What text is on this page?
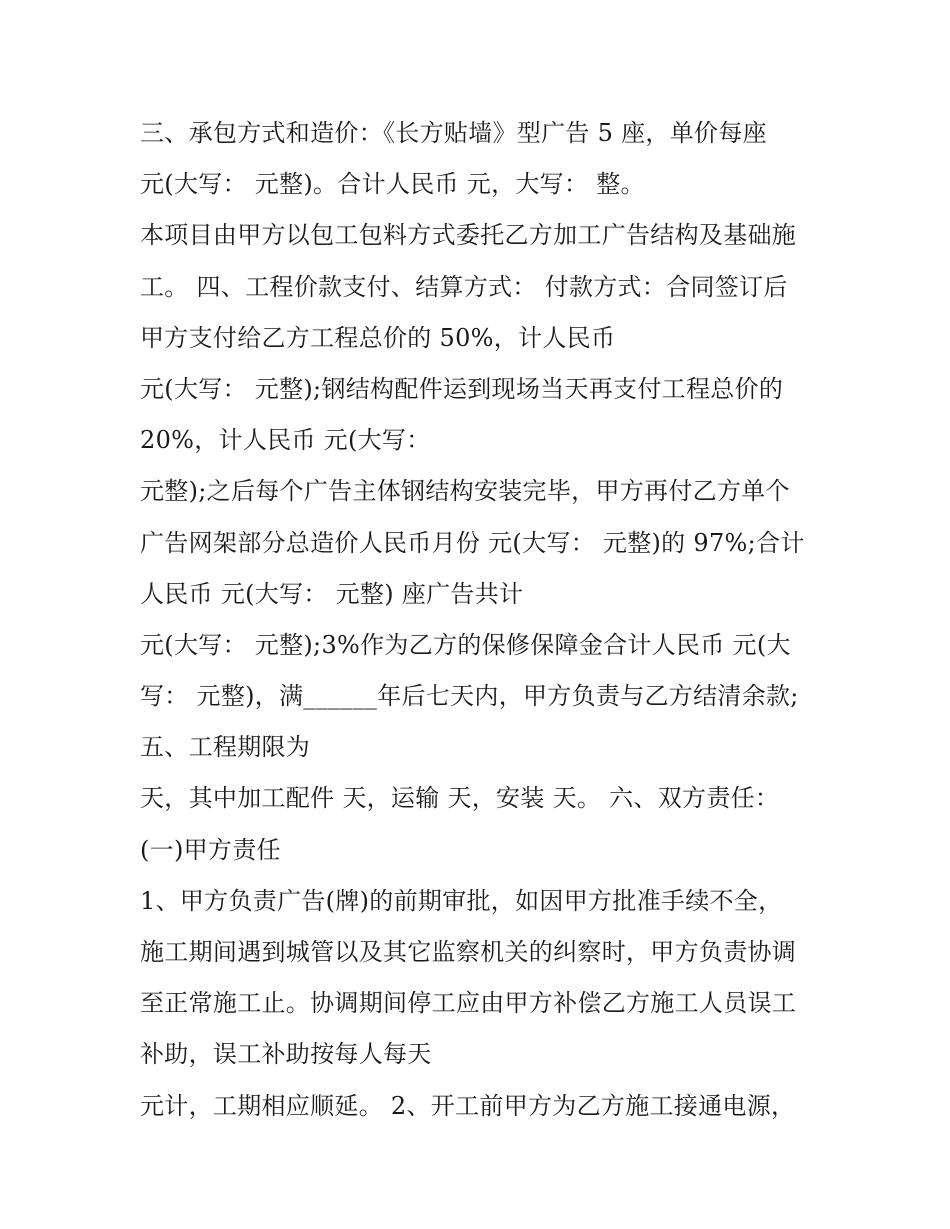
三、承包方式和造价：《长方贴墙》型广告 5 座，单价每座
元(大写： 元整)。合计人民币 元，大写： 整。
本项目由甲方以包工包料方式委托乙方加工广告结构及基础施
工。 四、工程价款支付、结算方式： 付款方式：合同签订后
甲方支付给乙方工程总价的 50%，计人民币
元(大写： 元整);钢结构配件运到现场当天再支付工程总价的
20%，计人民币 元(大写：
元整);之后每个广告主体钢结构安装完毕，甲方再付乙方单个
广告网架部分总造价人民币月份 元(大写： 元整)的 97%;合计
人民币 元(大写： 元整) 座广告共计
元(大写： 元整);3%作为乙方的保修保障金合计人民币 元(大
写： 元整)，满______年后七天内，甲方负责与乙方结清余款;
五、工程期限为
天，其中加工配件 天，运输 天，安装 天。 六、双方责任：
(一)甲方责任
1、甲方负责广告(牌)的前期审批，如因甲方批准手续不全，
施工期间遇到城管以及其它监察机关的纠察时，甲方负责协调
至正常施工止。协调期间停工应由甲方补偿乙方施工人员误工
补助，误工补助按每人每天
元计，工期相应顺延。 2、开工前甲方为乙方施工接通电源，
